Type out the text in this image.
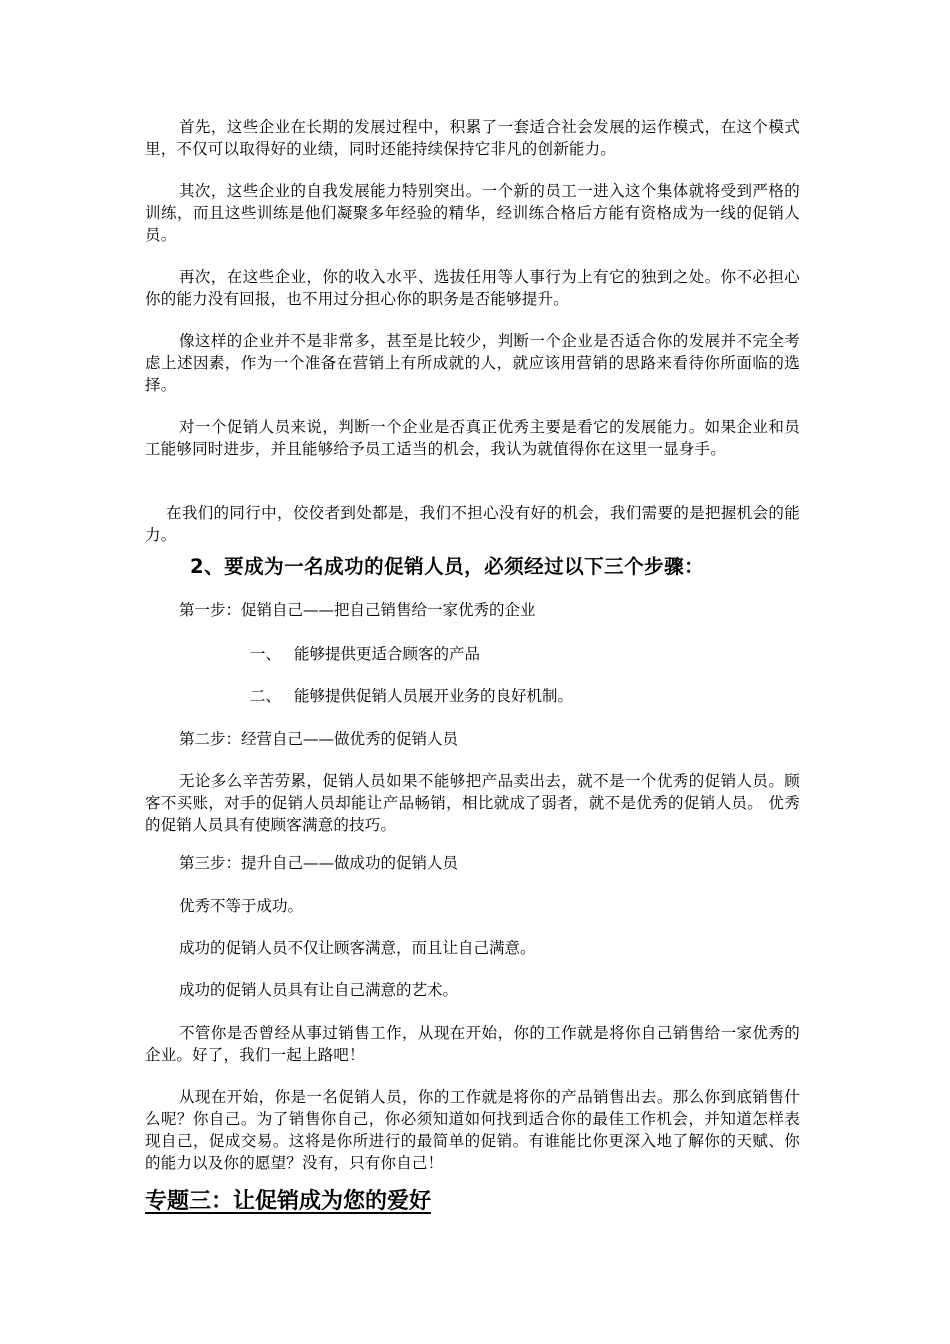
首先，这些企业在长期的发展过程中，积累了一套适合社会发展的运作模式，在这个模式里，不仅可以取得好的业绩，同时还能持续保持它非凡的创新能力。

其次，这些企业的自我发展能力特别突出。一个新的员工一进入这个集体就将受到严格的训练，而且这些训练是他们凝聚多年经验的精华，经训练合格后方能有资格成为一线的促销人员。

再次，在这些企业，你的收入水平、选拔任用等人事行为上有它的独到之处。你不必担心你的能力没有回报，也不用过分担心你的职务是否能够提升。

像这样的企业并不是非常多，甚至是比较少，判断一个企业是否适合你的发展并不完全考虑上述因素，作为一个准备在营销上有所成就的人，就应该用营销的思路来看待你所面临的选择。

对一个促销人员来说，判断一个企业是否真正优秀主要是看它的发展能力。如果企业和员工能够同时进步，并且能够给予员工适当的机会，我认为就值得你在这里一显身手。

在我们的同行中，佼佼者到处都是，我们不担心没有好的机会，我们需要的是把握机会的能力。

2、要成为一名成功的促销人员，必须经过以下三个步骤：

第一步：促销自己——把自己销售给一家优秀的企业

一、 能够提供更适合顾客的产品

二、 能够提供促销人员展开业务的良好机制。

第二步：经营自己——做优秀的促销人员

无论多么辛苦劳累，促销人员如果不能够把产品卖出去，就不是一个优秀的促销人员。顾客不买账，对手的促销人员却能让产品畅销，相比就成了弱者，就不是优秀的促销人员。 优秀的促销人员具有使顾客满意的技巧。

第三步：提升自己——做成功的促销人员

优秀不等于成功。

成功的促销人员不仅让顾客满意，而且让自己满意。

成功的促销人员具有让自己满意的艺术。

不管你是否曾经从事过销售工作，从现在开始，你的工作就是将你自己销售给一家优秀的企业。好了，我们一起上路吧！

从现在开始，你是一名促销人员，你的工作就是将你的产品销售出去。那么你到底销售什么呢？你自己。为了销售你自己，你必须知道如何找到适合你的最佳工作机会，并知道怎样表现自己，促成交易。这将是你所进行的最简单的促销。有谁能比你更深入地了解你的天赋、你的能力以及你的愿望？没有，只有你自己！

专题三：让促销成为您的爱好
